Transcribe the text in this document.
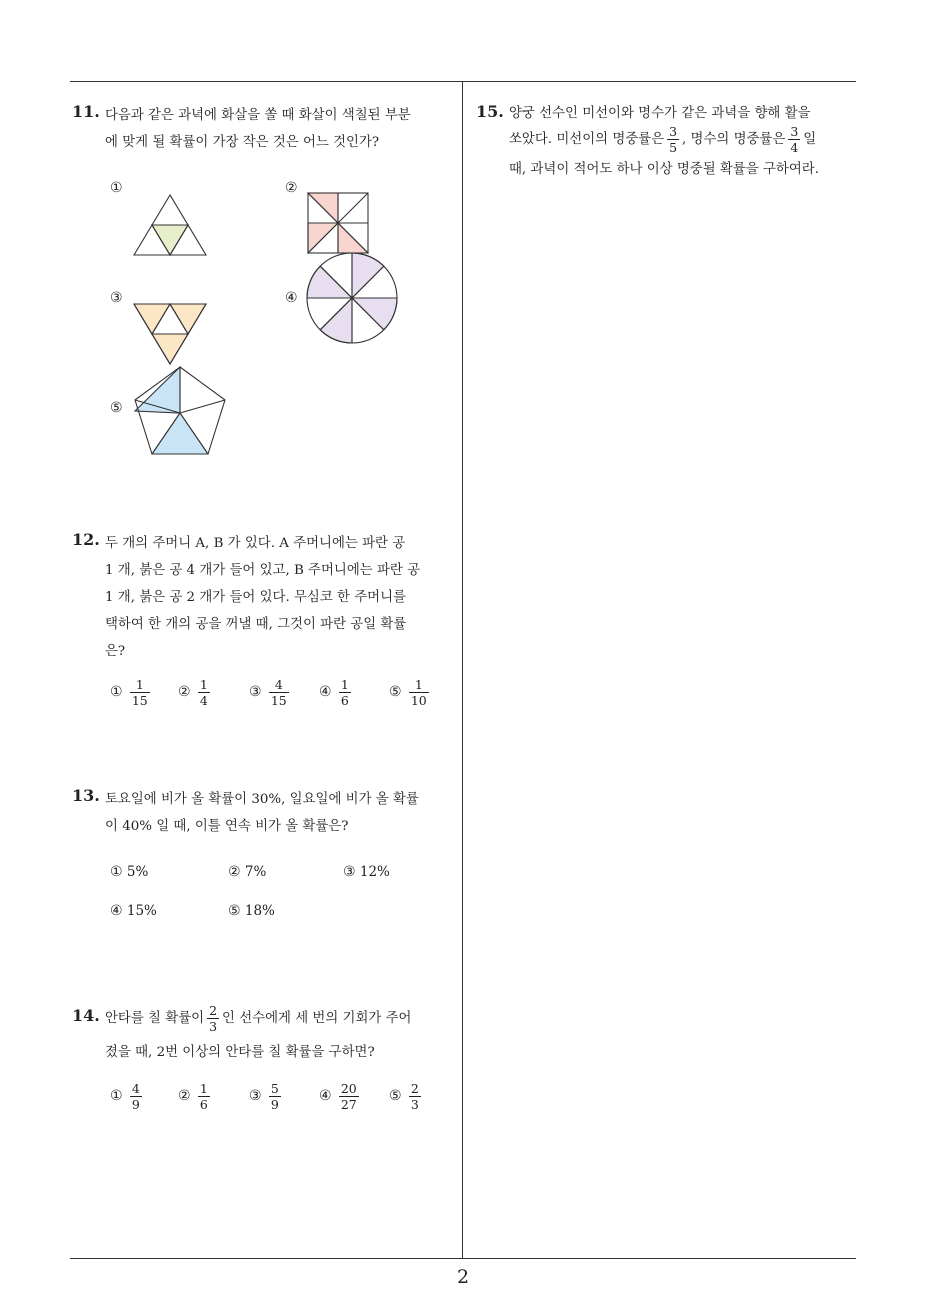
2
11. 다음과 같은 과녁에 화살을 쏠 때 화살이 색칠된 부분

에 맞게 될 확률이 가장 작은 것은 어느 것인가?

①	②
③	④
⑤
12. 두 개의 주머니 A, B 가 있다. A 주머니에는 파란 공

1 개, 붉은 공 4 개가 들어 있고, B 주머니에는 파란 공

1 개, 붉은 공 2 개가 들어 있다. 무심코 한 주머니를

택하여 한 개의 공을 꺼낼 때, 그것이 파란 공일 확률

은?

① $\frac{1}{15}$ ② $\frac{1}{4}$	③ $\frac{4}{15}$ ④ $\frac{1}{6}$	⑤ $\frac{1}{10}$
13. 토요일에 비가 올 확률이 30%, 일요일에 비가 올 확률

이 40% 일 때, 이틀 연속 비가 올 확률은?

① 5%	② 7%	③ 12%
④ 15%	⑤ 18%
14. 안타를 칠 확률이 $\frac{2}{3}$ 인 선수에게 세 번의 기회가 주어
졌을 때, 2번 이상의 안타를 칠 확률을 구하면?
① $\frac{4}{9}$	② $\frac{1}{6}$	③ $\frac{5}{9}$	④ $\frac{20}{27}$ ⑤ $\frac{2}{3}$
15. 양궁 선수인 미선이와 명수가 같은 과녁을 향해 활을
쏘았다. 미선이의 명중률은 $\frac{3}{5}$ , 명수의 명중률은 $\frac{3}{4}$ 일
때, 과녁이 적어도 하나 이상 명중될 확률을 구하여라.
